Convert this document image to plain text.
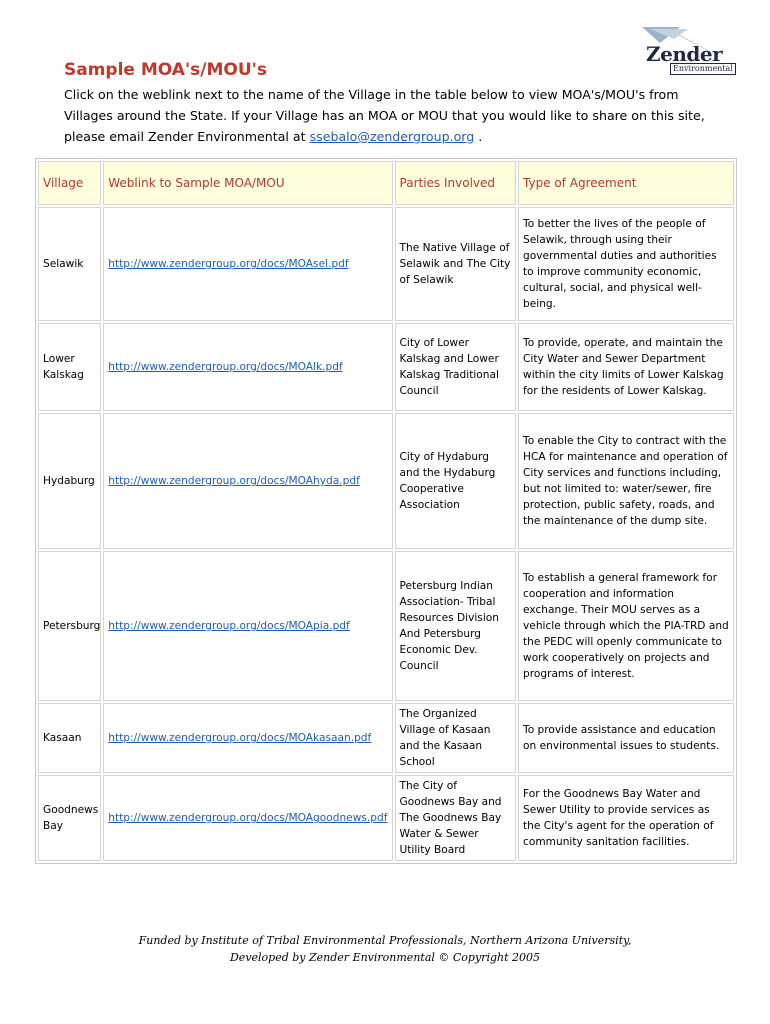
Zender
Environmental
Sample MOA's/MOU's
Click on the weblink next to the name of the Village in the table below to view MOA's/MOU's from Villages around the State. If your Village has an MOA or MOU that you would like to share on this site, please email Zender Environmental at ssebalo@zendergroup.org .
Village	Weblink to Sample MOA/MOU	Parties Involved	Type of Agreement
Selawik	http://www.zendergroup.org/docs/MOAsel.pdf	The Native Village of Selawik and The City of Selawik	To better the lives of the people of Selawik, through using their governmental duties and authorities to improve community economic, cultural, social, and physical well-being.
Lower Kalskag	http://www.zendergroup.org/docs/MOAlk.pdf	City of Lower Kalskag and Lower Kalskag Traditional Council	To provide, operate, and maintain the City Water and Sewer Department within the city limits of Lower Kalskag for the residents of Lower Kalskag.
Hydaburg	http://www.zendergroup.org/docs/MOAhyda.pdf	City of Hydaburg and the Hydaburg Cooperative Association	To enable the City to contract with the HCA for maintenance and operation of City services and functions including, but not limited to: water/sewer, fire protection, public safety, roads, and the maintenance of the dump site.
Petersburg	http://www.zendergroup.org/docs/MOApia.pdf	Petersburg Indian Association- Tribal Resources Division And Petersburg Economic Dev. Council	To establish a general framework for cooperation and information exchange. Their MOU serves as a vehicle through which the PIA-TRD and the PEDC will openly communicate to work cooperatively on projects and programs of interest.
Kasaan	http://www.zendergroup.org/docs/MOAkasaan.pdf	The Organized Village of Kasaan and the Kasaan School	To provide assistance and education on environmental issues to students.
Goodnews Bay	http://www.zendergroup.org/docs/MOAgoodnews.pdf	The City of Goodnews Bay and The Goodnews Bay Water & Sewer Utility Board	For the Goodnews Bay Water and Sewer Utility to provide services as the City's agent for the operation of community sanitation facilities.
Funded by Institute of Tribal Environmental Professionals, Northern Arizona University,
Developed by Zender Environmental © Copyright 2005
